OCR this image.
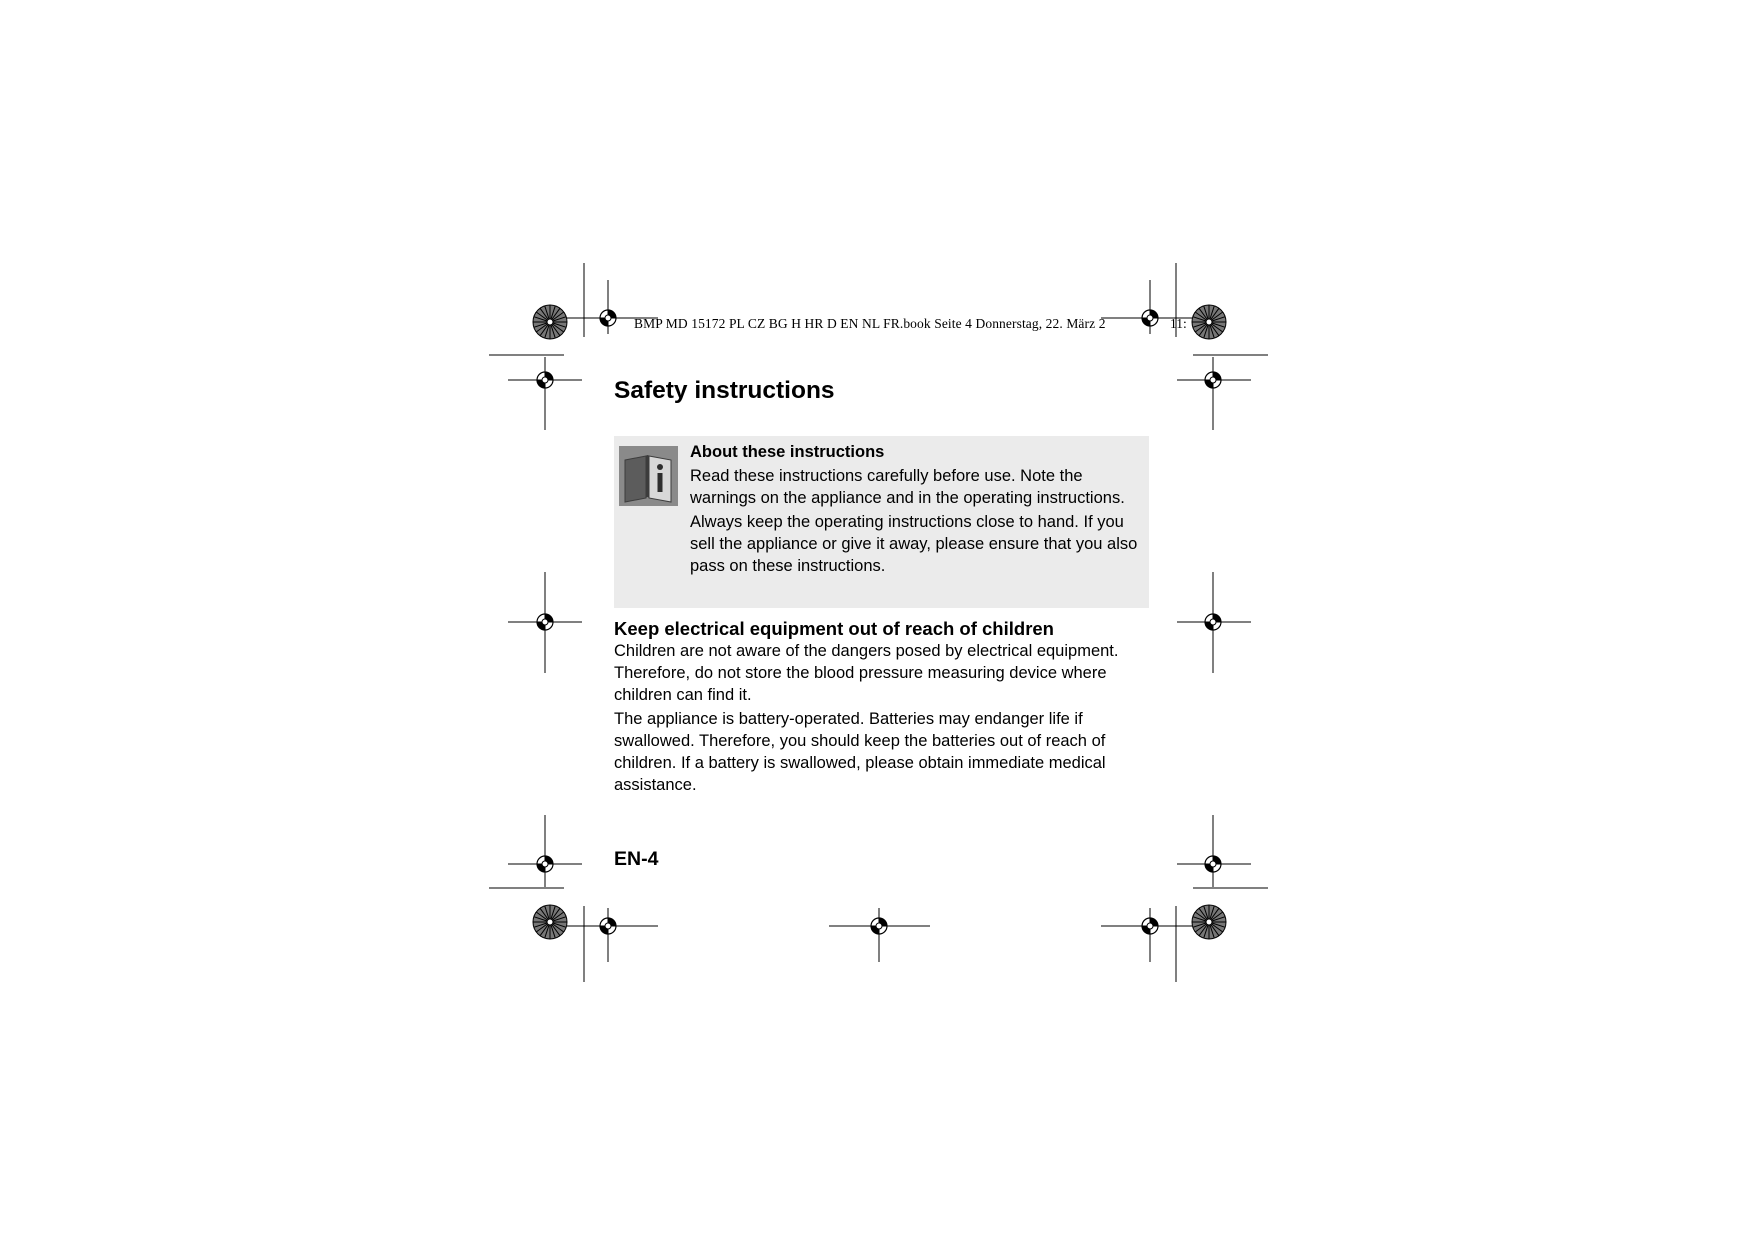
BMP MD 15172 PL CZ BG H HR D EN NL FR.book Seite 4 Donnerstag, 22. März 2	11:
Safety instructions
About these instructions
Read these instructions carefully before use. Note the warnings on the appliance and in the operating instructions.
Always keep the operating instructions close to hand. If you sell the appliance or give it away, please ensure that you also pass on these instructions.
Keep electrical equipment out of reach of children
Children are not aware of the dangers posed by electrical equipment. Therefore, do not store the blood pressure measuring device where children can find it.
The appliance is battery-operated. Batteries may endanger life if swallowed. Therefore, you should keep the batteries out of reach of children. If a battery is swallowed, please obtain immediate medical assistance.
EN-4
